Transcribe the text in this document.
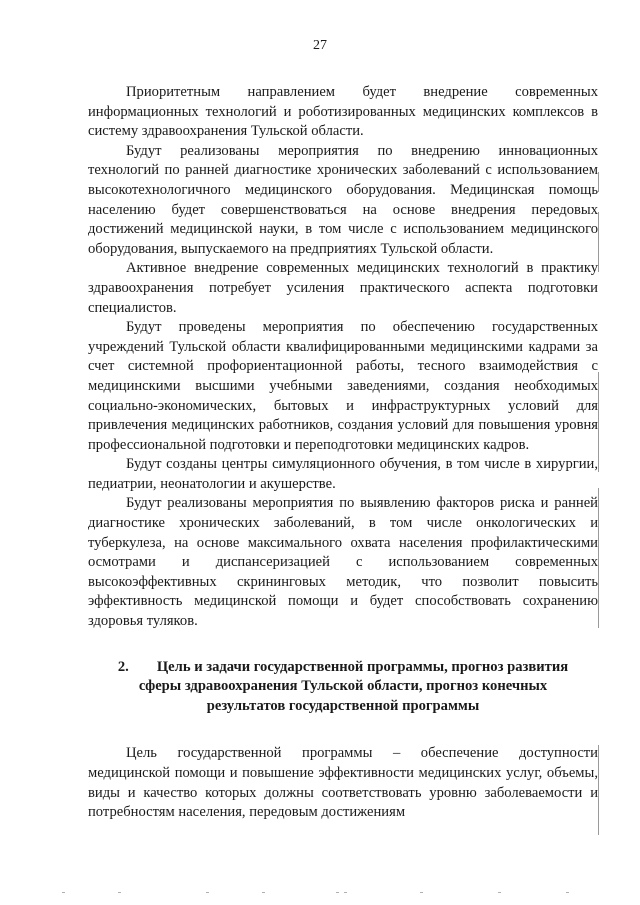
27

Приоритетным направлением будет внедрение современных информационных технологий и роботизированных медицинских комплексов в систему здравоохранения Тульской области.

Будут реализованы мероприятия по внедрению инновационных технологий по ранней диагностике хронических заболеваний с использованием высокотехнологичного медицинского оборудования. Медицинская помощь населению будет совершенствоваться на основе внедрения передовых достижений медицинской науки, в том числе с использованием медицинского оборудования, выпускаемого на предприятиях Тульской области.

Активное внедрение современных медицинских технологий в практику здравоохранения потребует усиления практического аспекта подготовки специалистов.

Будут проведены мероприятия по обеспечению государственных учреждений Тульской области квалифицированными медицинскими кадрами за счет системной профориентационной работы, тесного взаимодействия с медицинскими высшими учебными заведениями, создания необходимых социально-экономических, бытовых и инфраструктурных условий для привлечения медицинских работников, создания условий для повышения уровня профессиональной подготовки и переподготовки медицинских кадров.

Будут созданы центры симуляционного обучения, в том числе в хирургии, педиатрии, неонатологии и акушерстве.

Будут реализованы мероприятия по выявлению факторов риска и ранней диагностике хронических заболеваний, в том числе онкологических и туберкулеза, на основе максимального охвата населения профилактическими осмотрами и диспансеризацией с использованием современных высокоэффективных скрининговых методик, что позволит повысить эффективность медицинской помощи и будет способствовать сохранению здоровья туляков.

2. Цель и задачи государственной программы, прогноз развития сферы здравоохранения Тульской области, прогноз конечных результатов государственной программы

Цель государственной программы – обеспечение доступности медицинской помощи и повышение эффективности медицинских услуг, объемы, виды и качество которых должны соответствовать уровню заболеваемости и потребностям населения, передовым достижениям
